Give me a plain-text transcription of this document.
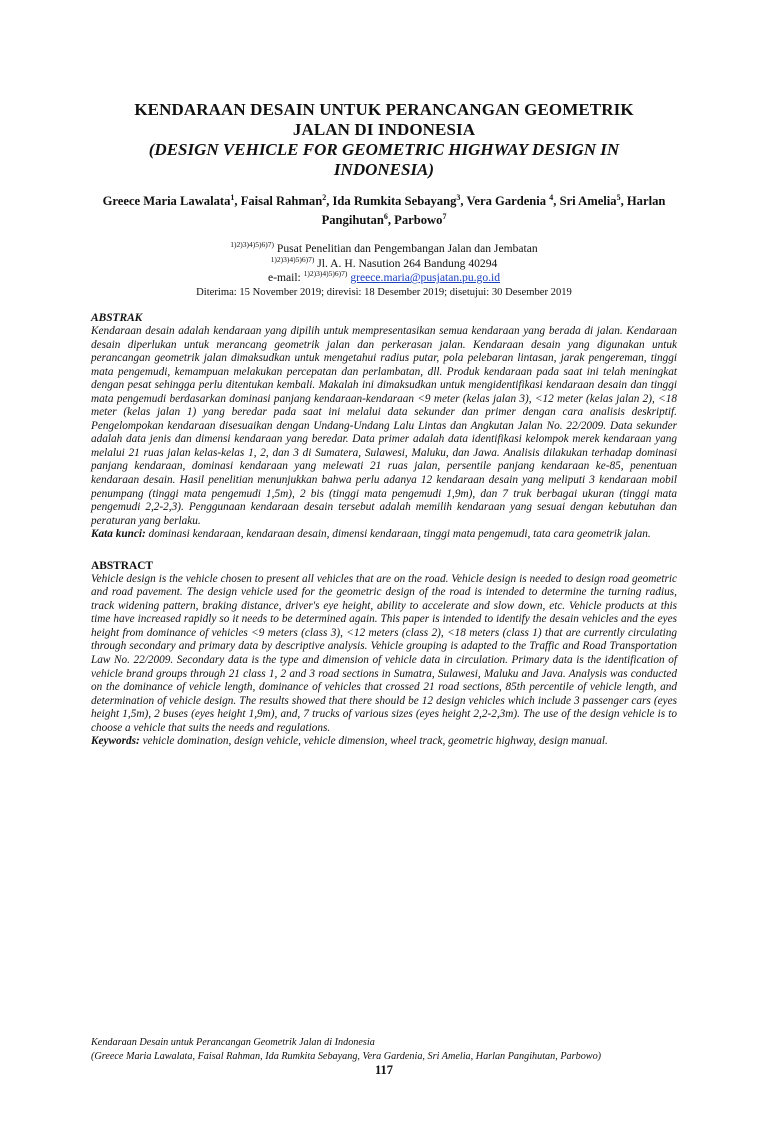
KENDARAAN DESAIN UNTUK PERANCANGAN GEOMETRIK

JALAN DI INDONESIA

(DESIGN VEHICLE FOR GEOMETRIC HIGHWAY DESIGN IN

INDONESIA)

Greece Maria Lawalata$^1$, Faisal Rahman$^2$, Ida Rumkita Sebayang$^3$, Vera Gardenia $^4$, Sri Amelia$^5$, Harlan Pangihutan$^6$, Parbowo$^7$
$^{1)2)3)4)5)6)7)}$ Pusat Penelitian dan Pengembangan Jalan dan Jembatan
$^{1)2)3)4)5)6)7)}$ Jl. A. H. Nasution 264 Bandung 40294
e-mail: $^{1)2)3)4)5)6)7)}$ greece.maria@pusjatan.pu.go.id
Diterima: 15 November 2019; direvisi: 18 Desember 2019; disetujui: 30 Desember 2019
ABSTRAK

Kendaraan desain adalah kendaraan yang dipilih untuk mempresentasikan semua kendaraan yang berada di jalan. Kendaraan desain diperlukan untuk merancang geometrik jalan dan perkerasan jalan. Kendaraan desain yang digunakan untuk perancangan geometrik jalan dimaksudkan untuk mengetahui radius putar, pola pelebaran lintasan, jarak pengereman, tinggi mata pengemudi, kemampuan melakukan percepatan dan perlambatan, dll. Produk kendaraan pada saat ini telah meningkat dengan pesat sehingga perlu ditentukan kembali. Makalah ini dimaksudkan untuk mengidentifikasi kendaraan desain dan tinggi mata pengemudi berdasarkan dominasi panjang kendaraan-kendaraan <9 meter (kelas jalan 3), <12 meter (kelas jalan 2), <18 meter (kelas jalan 1) yang beredar pada saat ini melalui data sekunder dan primer dengan cara analisis deskriptif. Pengelompokan kendaraan disesuaikan dengan Undang-Undang Lalu Lintas dan Angkutan Jalan No. 22/2009. Data sekunder adalah data jenis dan dimensi kendaraan yang beredar. Data primer adalah data identifikasi kelompok merek kendaraan yang melalui 21 ruas jalan kelas-kelas 1, 2, dan 3 di Sumatera, Sulawesi, Maluku, dan Jawa. Analisis dilakukan terhadap dominasi panjang kendaraan, dominasi kendaraan yang melewati 21 ruas jalan, persentile panjang kendaraan ke-85, penentuan kendaraan desain. Hasil penelitian menunjukkan bahwa perlu adanya 12 kendaraan desain yang meliputi 3 kendaraan mobil penumpang (tinggi mata pengemudi 1,5m), 2 bis (tinggi mata pengemudi 1,9m), dan 7 truk berbagai ukuran (tinggi mata pengemudi 2,2-2,3). Penggunaan kendaraan desain tersebut adalah memilih kendaraan yang sesuai dengan kebutuhan dan peraturan yang berlaku.

Kata kunci: dominasi kendaraan, kendaraan desain, dimensi kendaraan, tinggi mata pengemudi, tata cara geometrik jalan.

ABSTRACT

Vehicle design is the vehicle chosen to present all vehicles that are on the road. Vehicle design is needed to design road geometric and road pavement. The design vehicle used for the geometric design of the road is intended to determine the turning radius, track widening pattern, braking distance, driver's eye height, ability to accelerate and slow down, etc. Vehicle products at this time have increased rapidly so it needs to be determined again. This paper is intended to identify the desain vehicles and the eyes height from dominance of vehicles <9 meters (class 3), <12 meters (class 2), <18 meters (class 1) that are currently circulating through secondary and primary data by descriptive analysis. Vehicle grouping is adapted to the Traffic and Road Transportation Law No. 22/2009. Secondary data is the type and dimension of vehicle data in circulation. Primary data is the identification of vehicle brand groups through 21 class 1, 2 and 3 road sections in Sumatra, Sulawesi, Maluku and Java. Analysis was conducted on the dominance of vehicle length, dominance of vehicles that crossed 21 road sections, 85th percentile of vehicle length, and determination of vehicle design. The results showed that there should be 12 design vehicles which include 3 passenger cars (eyes height 1,5m), 2 buses (eyes height 1,9m), and, 7 trucks of various sizes (eyes height 2,2-2,3m). The use of the design vehicle is to choose a vehicle that suits the needs and regulations.

Keywords: vehicle domination, design vehicle, vehicle dimension, wheel track, geometric highway, design manual.

Kendaraan Desain untuk Perancangan Geometrik Jalan di Indonesia
(Greece Maria Lawalata, Faisal Rahman, Ida Rumkita Sebayang, Vera Gardenia, Sri Amelia, Harlan Pangihutan, Parbowo)
117
